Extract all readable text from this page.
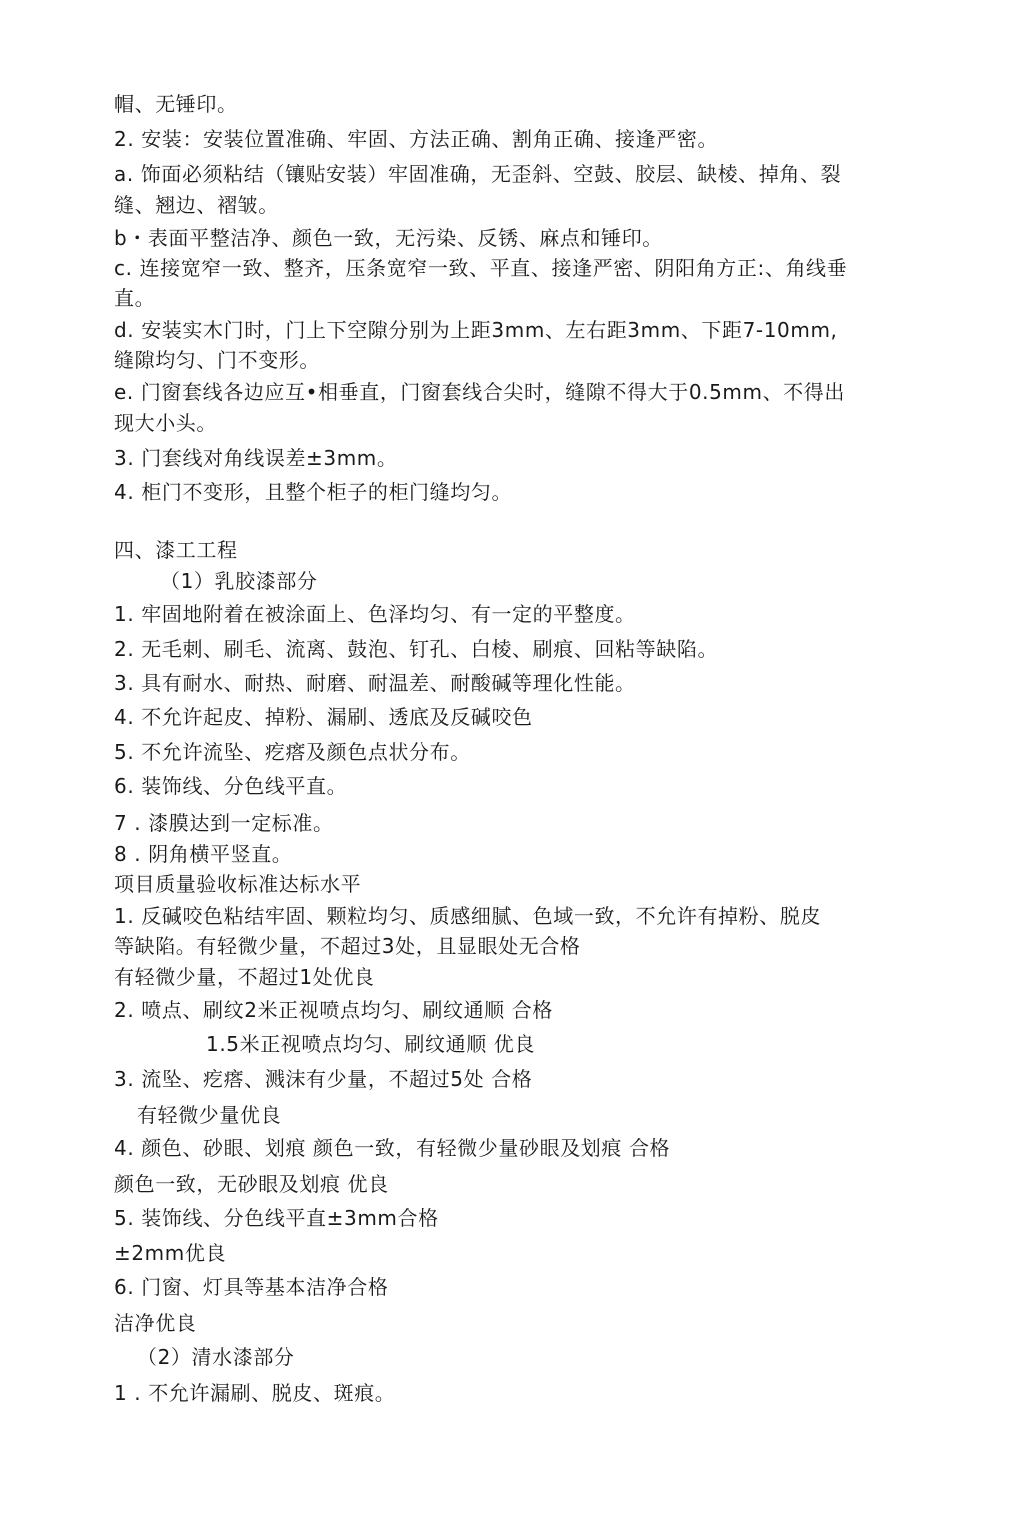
帽、无锤印。
2. 安装：安装位置准确、牢固、方法正确、割角正确、接逢严密。
a. 饰面必须粘结（镶贴安装）牢固准确，无歪斜、空鼓、胶层、缺棱、掉角、裂
缝、翘边、褶皱。
b・表面平整洁净、颜色一致，无污染、反锈、麻点和锤印。
c. 连接宽窄一致、整齐，压条宽窄一致、平直、接逢严密、阴阳角方正:、角线垂
直。
d. 安装实木门时，门上下空隙分别为上距3mm、左右距3mm、下距7-10mm,
缝隙均匀、门不变形。
e. 门窗套线各边应互•相垂直，门窗套线合尖时，缝隙不得大于0.5mm、不得出
现大小头。
3. 门套线对角线误差±3mm。
4. 柜门不变形，且整个柜子的柜门缝均匀。
四、漆工工程
（1）乳胶漆部分
1. 牢固地附着在被涂面上、色泽均匀、有一定的平整度。
2. 无毛刺、刷毛、流离、鼓泡、钉孔、白棱、刷痕、回粘等缺陷。
3. 具有耐水、耐热、耐磨、耐温差、耐酸碱等理化性能。
4. 不允许起皮、掉粉、漏刷、透底及反碱咬色
5. 不允许流坠、疙瘩及颜色点状分布。
6. 装饰线、分色线平直。
7 . 漆膜达到一定标准。
8 . 阴角横平竖直。
项目质量验收标准达标水平
1. 反碱咬色粘结牢固、颗粒均匀、质感细腻、色域一致，不允许有掉粉、脱皮
等缺陷。有轻微少量，不超过3处，且显眼处无合格
有轻微少量，不超过1处优良
2. 喷点、刷纹2米正视喷点均匀、刷纹通顺 合格
1.5米正视喷点均匀、刷纹通顺 优良
3. 流坠、疙瘩、溅沫有少量，不超过5处 合格
有轻微少量优良
4. 颜色、砂眼、划痕 颜色一致，有轻微少量砂眼及划痕 合格
颜色一致，无砂眼及划痕 优良
5. 装饰线、分色线平直±3mm合格
±2mm优良
6. 门窗、灯具等基本洁净合格
洁净优良
（2）清水漆部分
1 . 不允许漏刷、脱皮、斑痕。
